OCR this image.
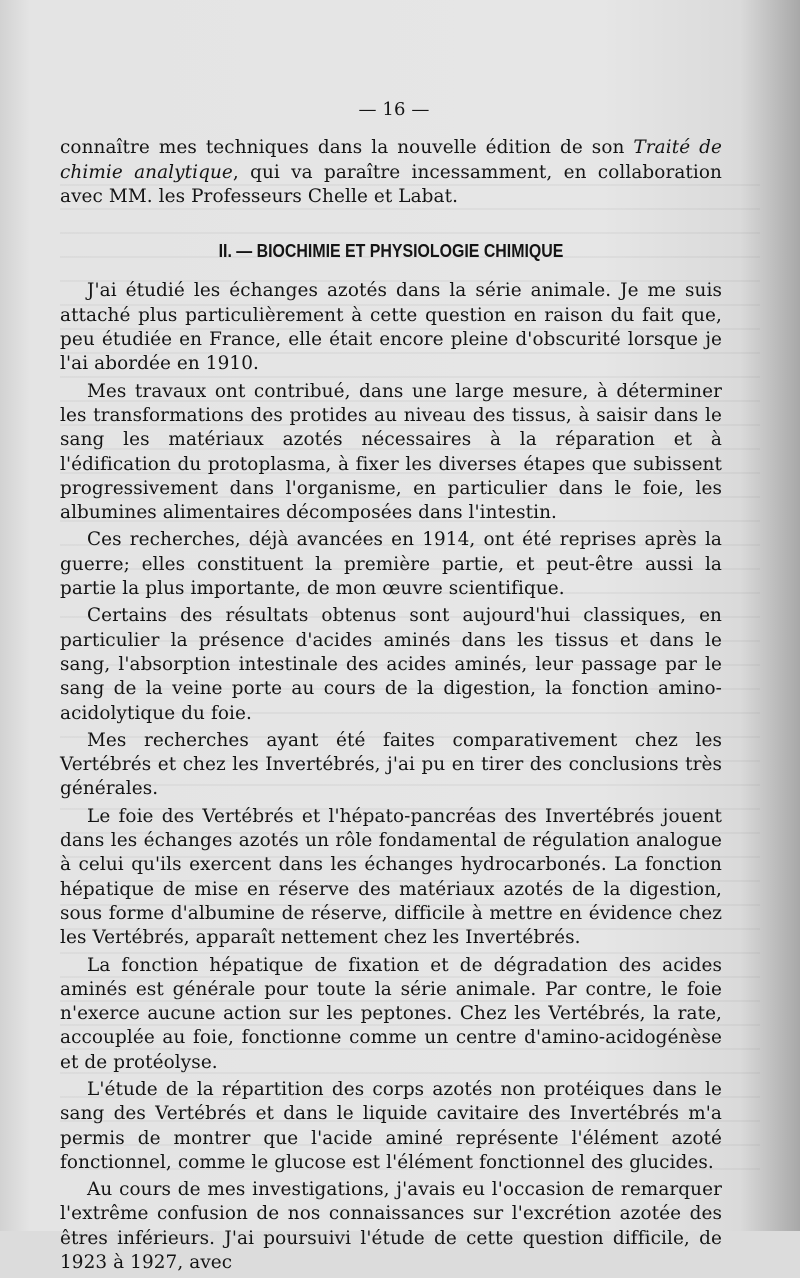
— 16 —

connaître mes techniques dans la nouvelle édition de son Traité de chimie analytique, qui va paraître incessamment, en collaboration avec MM. les Professeurs Chelle et Labat.

II. — BIOCHIMIE ET PHYSIOLOGIE CHIMIQUE

J'ai étudié les échanges azotés dans la série animale. Je me suis attaché plus particulièrement à cette question en raison du fait que, peu étudiée en France, elle était encore pleine d'obscurité lorsque je l'ai abordée en 1910.

Mes travaux ont contribué, dans une large mesure, à déterminer les transformations des protides au niveau des tissus, à saisir dans le sang les matériaux azotés nécessaires à la réparation et à l'édification du protoplasma, à fixer les diverses étapes que subissent progressivement dans l'organisme, en particulier dans le foie, les albumines alimentaires décomposées dans l'intestin.

Ces recherches, déjà avancées en 1914, ont été reprises après la guerre; elles constituent la première partie, et peut-être aussi la partie la plus importante, de mon œuvre scientifique.

Certains des résultats obtenus sont aujourd'hui classiques, en particulier la présence d'acides aminés dans les tissus et dans le sang, l'absorption intestinale des acides aminés, leur passage par le sang de la veine porte au cours de la digestion, la fonction amino-acidolytique du foie.

Mes recherches ayant été faites comparativement chez les Vertébrés et chez les Invertébrés, j'ai pu en tirer des conclusions très générales.

Le foie des Vertébrés et l'hépato-pancréas des Invertébrés jouent dans les échanges azotés un rôle fondamental de régulation analogue à celui qu'ils exercent dans les échanges hydrocarbonés. La fonction hépatique de mise en réserve des matériaux azotés de la digestion, sous forme d'albumine de réserve, difficile à mettre en évidence chez les Vertébrés, apparaît nettement chez les Invertébrés.

La fonction hépatique de fixation et de dégradation des acides aminés est générale pour toute la série animale. Par contre, le foie n'exerce aucune action sur les peptones. Chez les Vertébrés, la rate, accouplée au foie, fonctionne comme un centre d'amino-acidogénèse et de protéolyse.

L'étude de la répartition des corps azotés non protéiques dans le sang des Vertébrés et dans le liquide cavitaire des Invertébrés m'a permis de montrer que l'acide aminé représente l'élément azoté fonctionnel, comme le glucose est l'élément fonctionnel des glucides.

Au cours de mes investigations, j'avais eu l'occasion de remarquer l'extrême confusion de nos connaissances sur l'excrétion azotée des êtres inférieurs. J'ai poursuivi l'étude de cette question difficile, de 1923 à 1927, avec
